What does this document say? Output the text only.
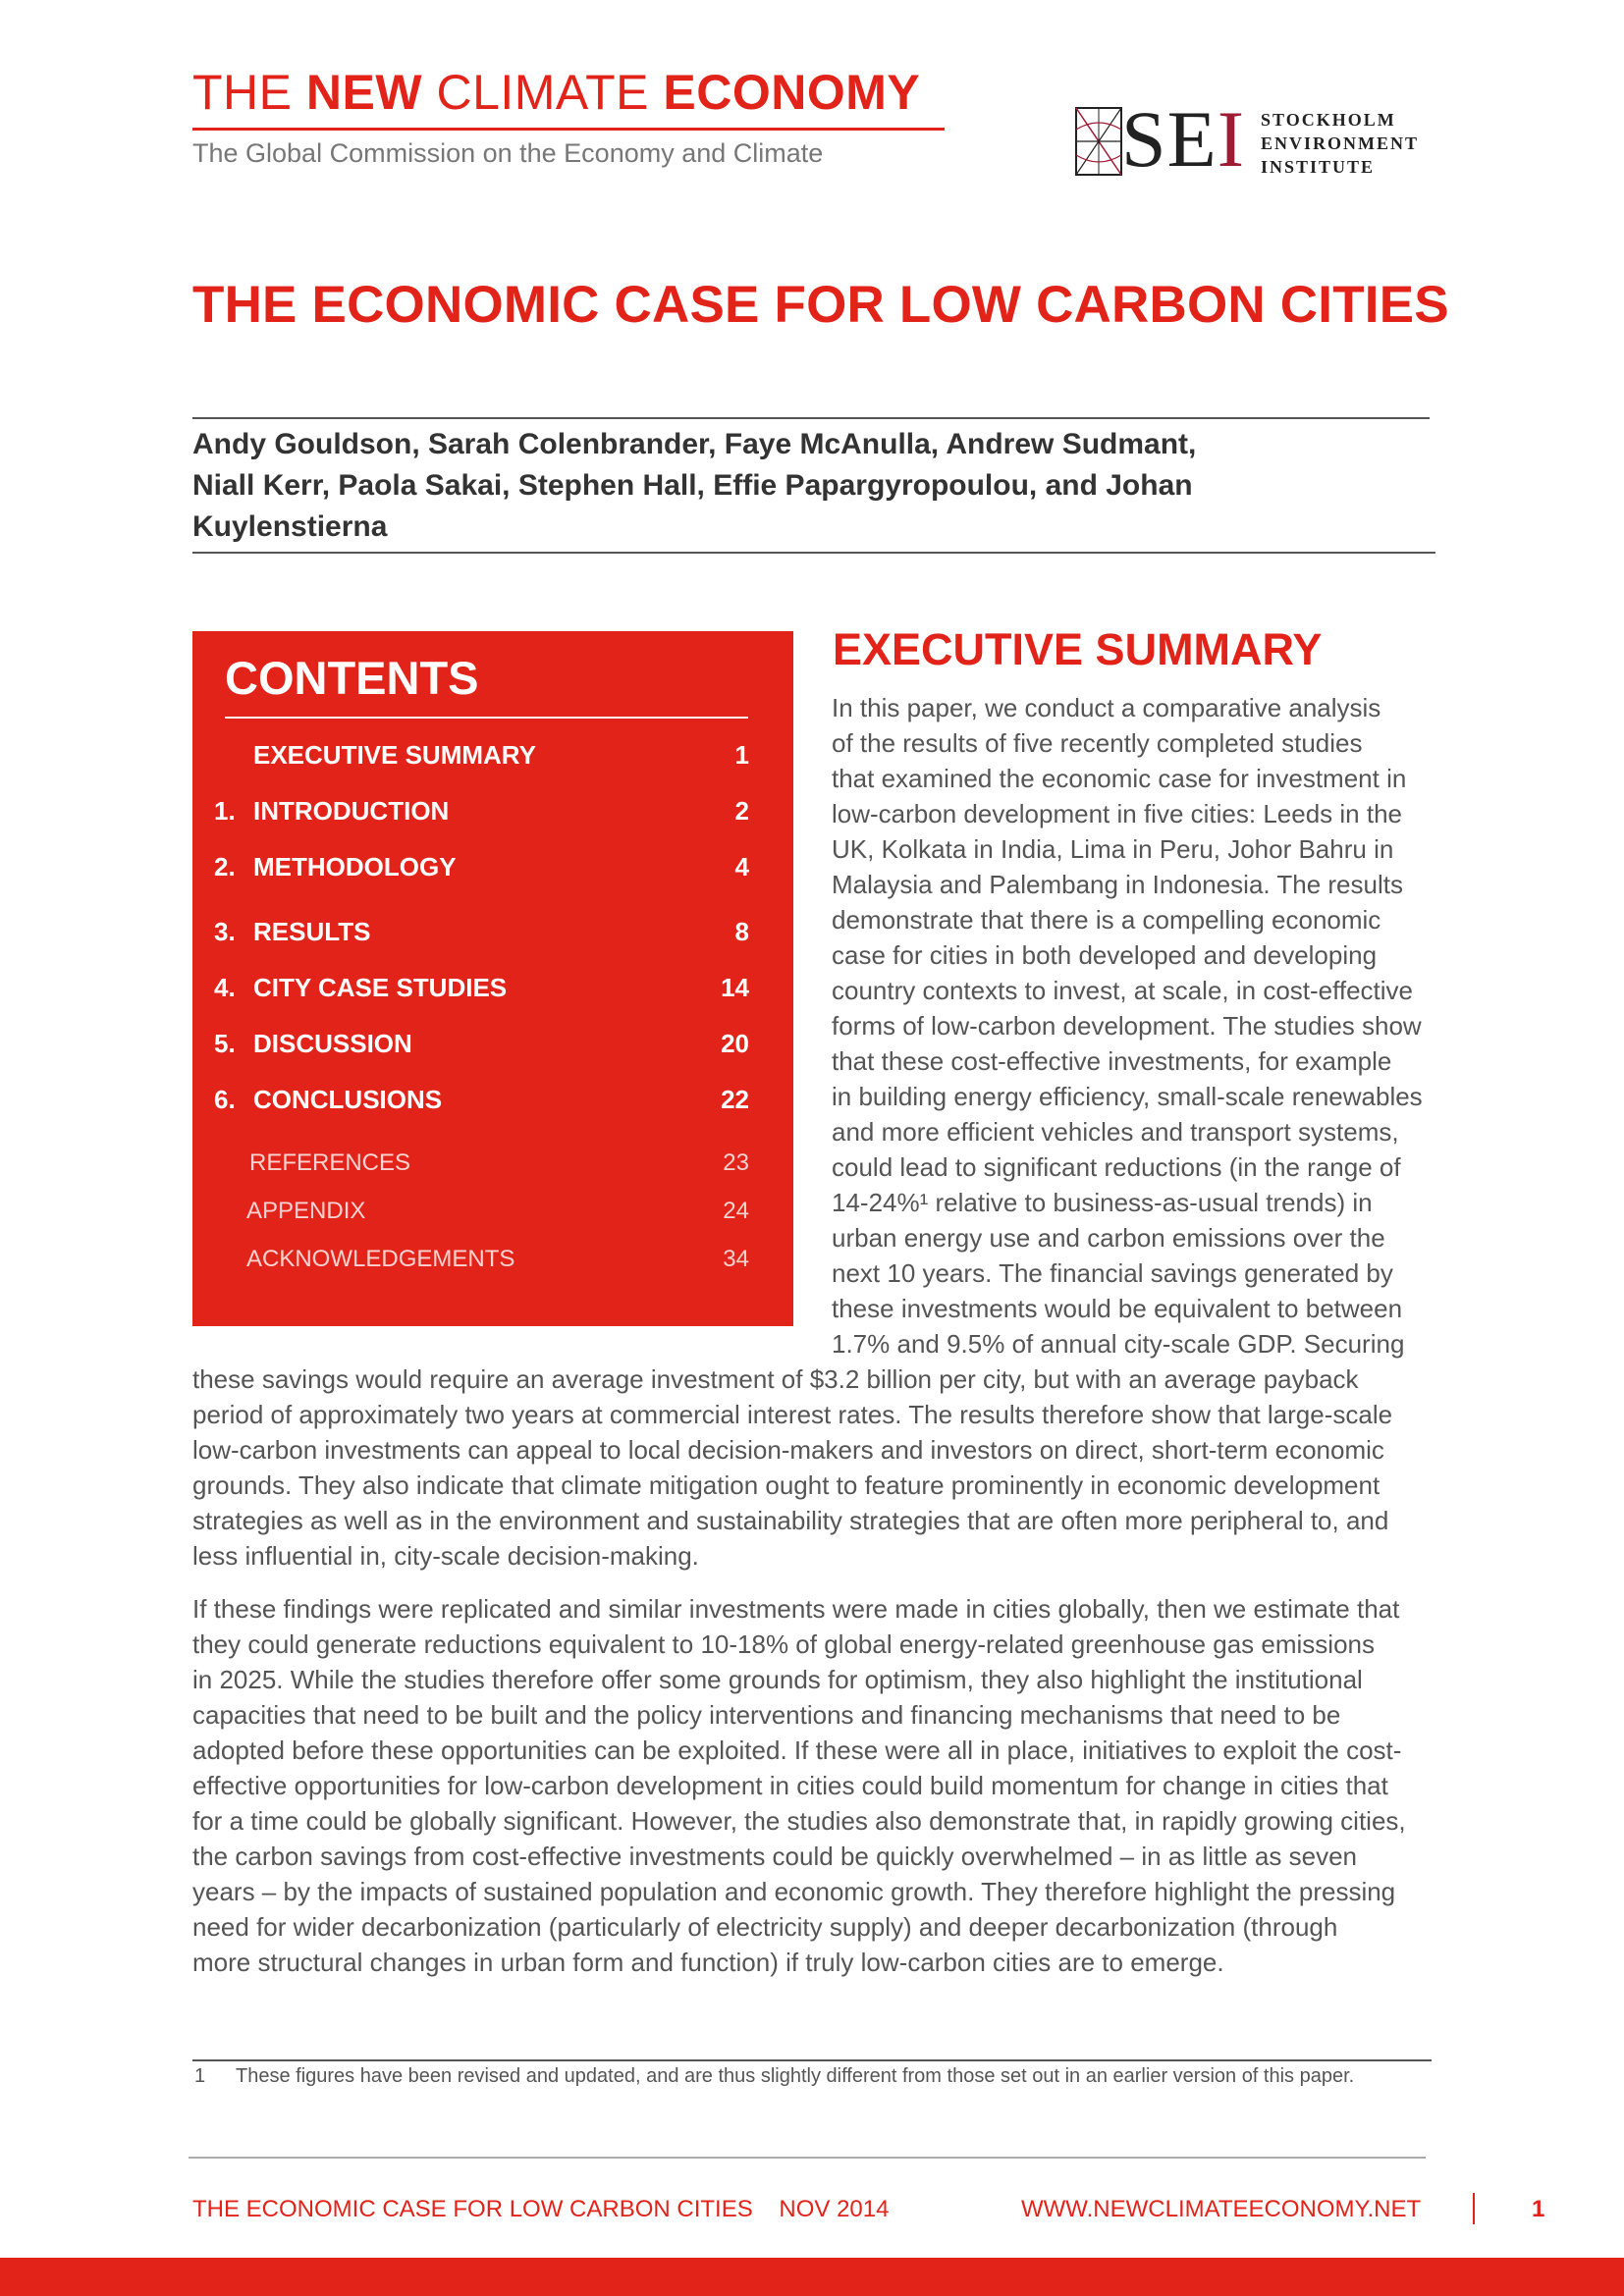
THE NEW CLIMATE ECONOMY
The Global Commission on the Economy and Climate	SEI STOCKHOLM
ENVIRONMENT
INSTITUTE
THE ECONOMIC CASE FOR LOW CARBON CITIES
Andy Gouldson, Sarah Colenbrander, Faye McAnulla, Andrew Sudmant,
Niall Kerr, Paola Sakai, Stephen Hall, Effie Papargyropoulou, and Johan
Kuylenstierna
CONTENTS
EXECUTIVE SUMMARY	1
1. INTRODUCTION	2
2. METHODOLOGY	4
3. RESULTS	8
4. CITY CASE STUDIES	14
5. DISCUSSION	20
6. CONCLUSIONS	22
REFERENCES	23
APPENDIX	24
ACKNOWLEDGEMENTS	34
EXECUTIVE SUMMARY
In this paper, we conduct a comparative analysis
of the results of five recently completed studies
that examined the economic case for investment in
low-carbon development in five cities: Leeds in the
UK, Kolkata in India, Lima in Peru, Johor Bahru in
Malaysia and Palembang in Indonesia. The results
demonstrate that there is a compelling economic
case for cities in both developed and developing
country contexts to invest, at scale, in cost-effective
forms of low-carbon development. The studies show
that these cost-effective investments, for example
in building energy efficiency, small-scale renewables
and more efficient vehicles and transport systems,
could lead to significant reductions (in the range of
14-24%¹ relative to business-as-usual trends) in
urban energy use and carbon emissions over the
next 10 years. The financial savings generated by
these investments would be equivalent to between
1.7% and 9.5% of annual city-scale GDP. Securing
these savings would require an average investment of $3.2 billion per city, but with an average payback
period of approximately two years at commercial interest rates. The results therefore show that large-scale
low-carbon investments can appeal to local decision-makers and investors on direct, short-term economic
grounds. They also indicate that climate mitigation ought to feature prominently in economic development
strategies as well as in the environment and sustainability strategies that are often more peripheral to, and
less influential in, city-scale decision-making.
If these findings were replicated and similar investments were made in cities globally, then we estimate that
they could generate reductions equivalent to 10-18% of global energy-related greenhouse gas emissions
in 2025. While the studies therefore offer some grounds for optimism, they also highlight the institutional
capacities that need to be built and the policy interventions and financing mechanisms that need to be
adopted before these opportunities can be exploited. If these were all in place, initiatives to exploit the cost-
effective opportunities for low-carbon development in cities could build momentum for change in cities that
for a time could be globally significant. However, the studies also demonstrate that, in rapidly growing cities,
the carbon savings from cost-effective investments could be quickly overwhelmed – in as little as seven
years – by the impacts of sustained population and economic growth. They therefore highlight the pressing
need for wider decarbonization (particularly of electricity supply) and deeper decarbonization (through
more structural changes in urban form and function) if truly low-carbon cities are to emerge.
1 These figures have been revised and updated, and are thus slightly different from those set out in an earlier version of this paper.
THE ECONOMIC CASE FOR LOW CARBON CITIES    NOV 2014	WWW.NEWCLIMATEECONOMY.NET	1
